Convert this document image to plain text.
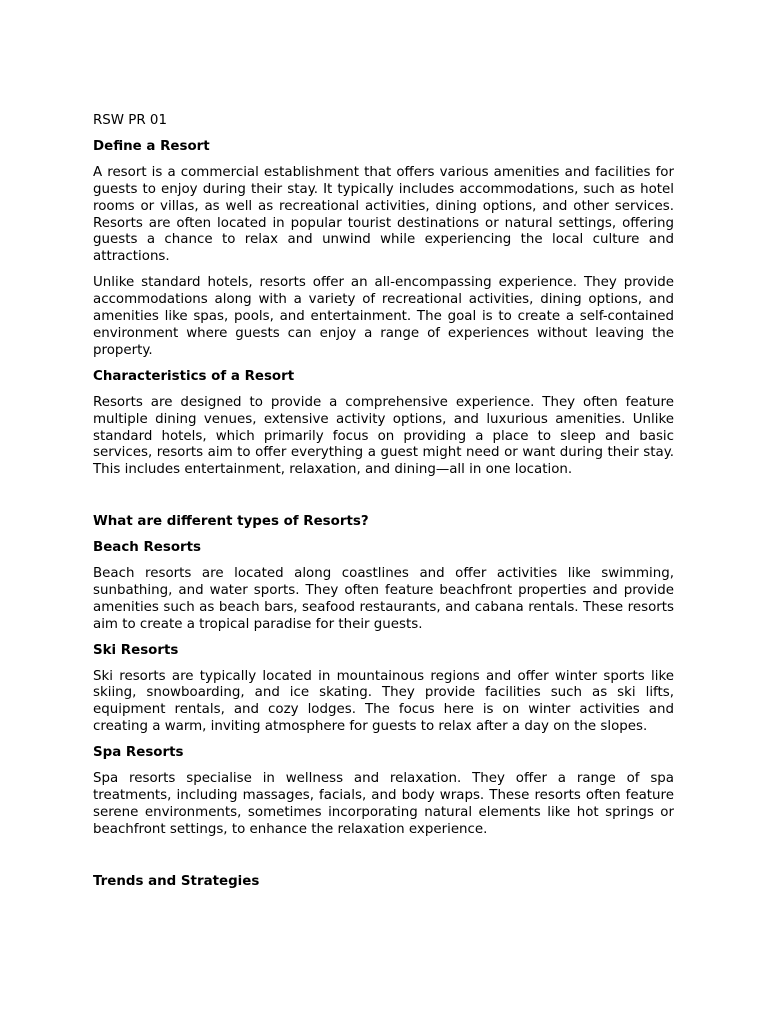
RSW PR 01

Define a Resort

A resort is a commercial establishment that offers various amenities and facilities for guests to enjoy during their stay. It typically includes accommodations, such as hotel rooms or villas, as well as recreational activities, dining options, and other services. Resorts are often located in popular tourist destinations or natural settings, offering guests a chance to relax and unwind while experiencing the local culture and attractions.

Unlike standard hotels, resorts offer an all-encompassing experience. They provide accommodations along with a variety of recreational activities, dining options, and amenities like spas, pools, and entertainment. The goal is to create a self-contained environment where guests can enjoy a range of experiences without leaving the property.

Characteristics of a Resort

Resorts are designed to provide a comprehensive experience. They often feature multiple dining venues, extensive activity options, and luxurious amenities. Unlike standard hotels, which primarily focus on providing a place to sleep and basic services, resorts aim to offer everything a guest might need or want during their stay. This includes entertainment, relaxation, and dining—all in one location.

What are different types of Resorts?

Beach Resorts

Beach resorts are located along coastlines and offer activities like swimming, sunbathing, and water sports. They often feature beachfront properties and provide amenities such as beach bars, seafood restaurants, and cabana rentals. These resorts aim to create a tropical paradise for their guests.

Ski Resorts

Ski resorts are typically located in mountainous regions and offer winter sports like skiing, snowboarding, and ice skating. They provide facilities such as ski lifts, equipment rentals, and cozy lodges. The focus here is on winter activities and creating a warm, inviting atmosphere for guests to relax after a day on the slopes.

Spa Resorts

Spa resorts specialise in wellness and relaxation. They offer a range of spa treatments, including massages, facials, and body wraps. These resorts often feature serene environments, sometimes incorporating natural elements like hot springs or beachfront settings, to enhance the relaxation experience.

Trends and Strategies
